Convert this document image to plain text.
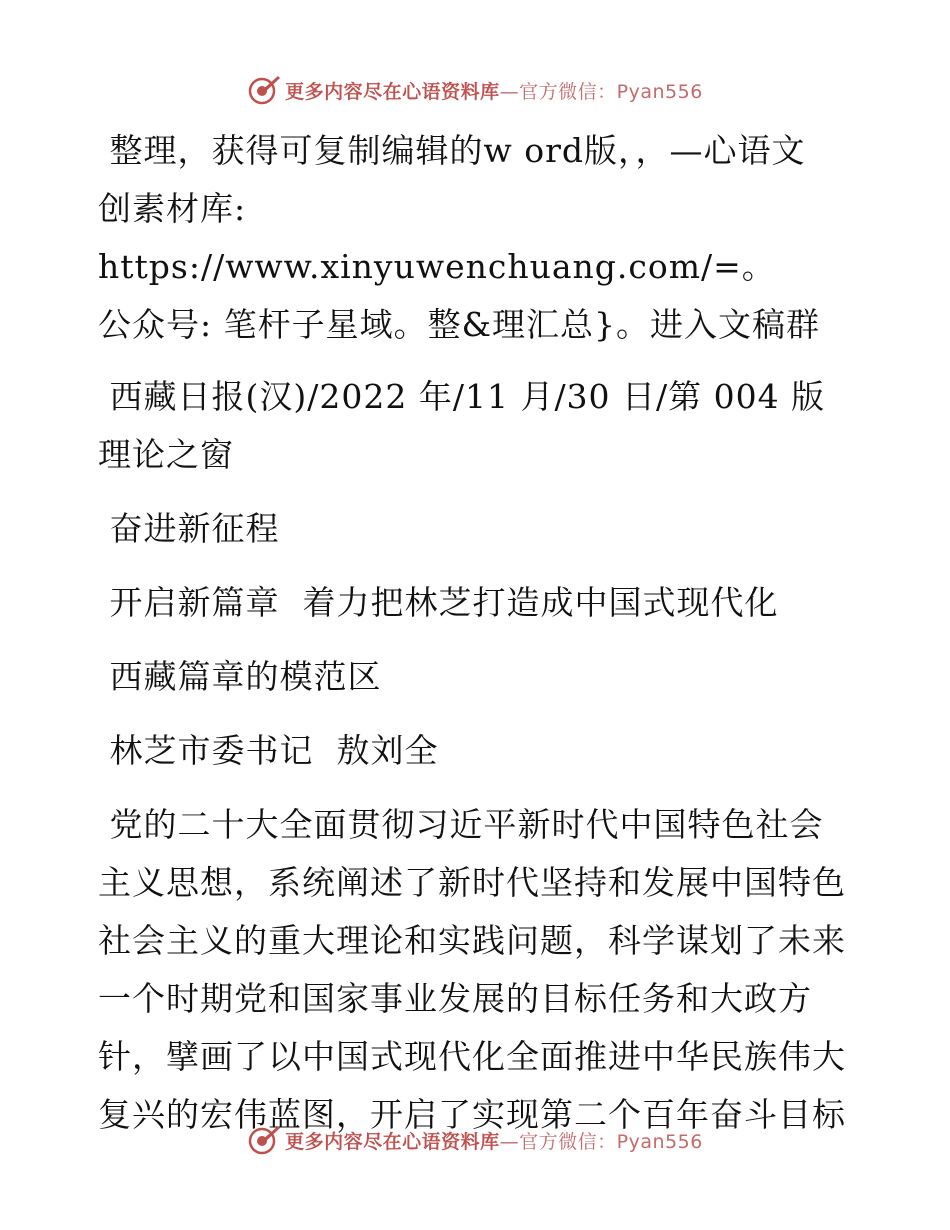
更多内容尽在心语资料库—官方微信：Pyan556

整理，获得可复制编辑的w ord版，，—心语文

创素材库: https://www.xinyuwenchuang.com/=。

公众号: 笔杆子星域。整&理汇总}。进入文稿群

西藏日报(汉)/2022 年/11 月/30 日/第 004 版

理论之窗

奋进新征程

开启新篇章  着力把林芝打造成中国式现代化

西藏篇章的模范区

林芝市委书记  敖刘全

党的二十大全面贯彻习近平新时代中国特色社会

主义思想，系统阐述了新时代坚持和发展中国特色

社会主义的重大理论和实践问题，科学谋划了未来

一个时期党和国家事业发展的目标任务和大政方

针，擘画了以中国式现代化全面推进中华民族伟大

复兴的宏伟蓝图，开启了实现第二个百年奋斗目标

更多内容尽在心语资料库—官方微信：Pyan556
